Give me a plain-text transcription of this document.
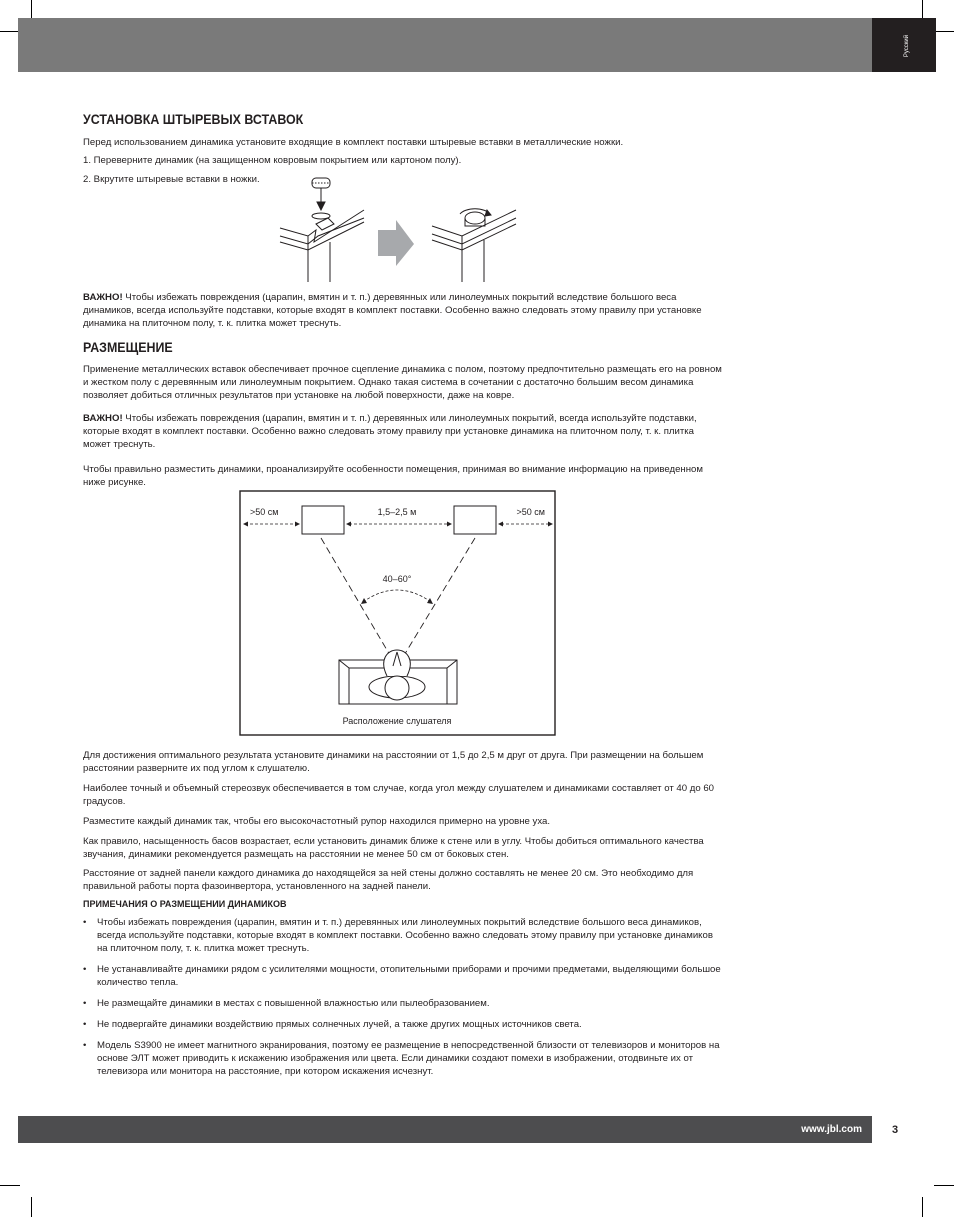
Русский
УСТАНОВКА ШТЫРЕВЫХ ВСТАВОК

Перед использованием динамика установите входящие в комплект поставки штыревые вставки в металлические ножки.

1. Переверните динамик (на защищенном ковровым покрытием или картоном полу).

2. Вкрутите штыревые вставки в ножки.

ВАЖНО! Чтобы избежать повреждения (царапин, вмятин и т. п.) деревянных или линолеумных покрытий вследствие большого веса динамиков, всегда используйте подставки, которые входят в комплект поставки. Особенно важно следовать этому правилу при установке динамика на плиточном полу, т. к. плитка может треснуть.

РАЗМЕЩЕНИЕ

Применение металлических вставок обеспечивает прочное сцепление динамика с полом, поэтому предпочтительно размещать его на ровном и жестком полу с деревянным или линолеумным покрытием. Однако такая система в сочетании с достаточно большим весом динамика позволяет добиться отличных результатов при установке на любой поверхности, даже на ковре.

ВАЖНО! Чтобы избежать повреждения (царапин, вмятин и т. п.) деревянных или линолеумных покрытий, всегда используйте подставки, которые входят в комплект поставки. Особенно важно следовать этому правилу при установке динамика на плиточном полу, т. к. плитка может треснуть.

Чтобы правильно разместить динамики, проанализируйте особенности помещения, принимая во внимание информацию на приведенном ниже рисунке.

>50 см	1,5–2,5 м	>50 см
40–60°
Расположение слушателя

Для достижения оптимального результата установите динамики на расстоянии от 1,5 до 2,5 м друг от друга. При размещении на большем расстоянии разверните их под углом к слушателю.

Наиболее точный и объемный стереозвук обеспечивается в том случае, когда угол между слушателем и динамиками составляет от 40 до 60 градусов.

Разместите каждый динамик так, чтобы его высокочастотный рупор находился примерно на уровне уха.

Как правило, насыщенность басов возрастает, если установить динамик ближе к стене или в углу. Чтобы добиться оптимального качества звучания, динамики рекомендуется размещать на расстоянии не менее 50 см от боковых стен.

Расстояние от задней панели каждого динамика до находящейся за ней стены должно составлять не менее 20 см. Это необходимо для правильной работы порта фазоинвертора, установленного на задней панели.

ПРИМЕЧАНИЯ О РАЗМЕЩЕНИИ ДИНАМИКОВ

• Чтобы избежать повреждения (царапин, вмятин и т. п.) деревянных или линолеумных покрытий вследствие большого веса динамиков, всегда используйте подставки, которые входят в комплект поставки. Особенно важно следовать этому правилу при установке динамиков на плиточном полу, т. к. плитка может треснуть.
• Не устанавливайте динамики рядом с усилителями мощности, отопительными приборами и прочими предметами, выделяющими большое количество тепла.
• Не размещайте динамики в местах с повышенной влажностью или пылеобразованием.
• Не подвергайте динамики воздействию прямых солнечных лучей, а также других мощных источников света.
• Модель S3900 не имеет магнитного экранирования, поэтому ее размещение в непосредственной близости от телевизоров и мониторов на основе ЭЛТ может приводить к искажению изображения или цвета. Если динамики создают помехи в изображении, отодвиньте их от телевизора или монитора на расстояние, при котором искажения исчезнут.
www.jbl.com	3
